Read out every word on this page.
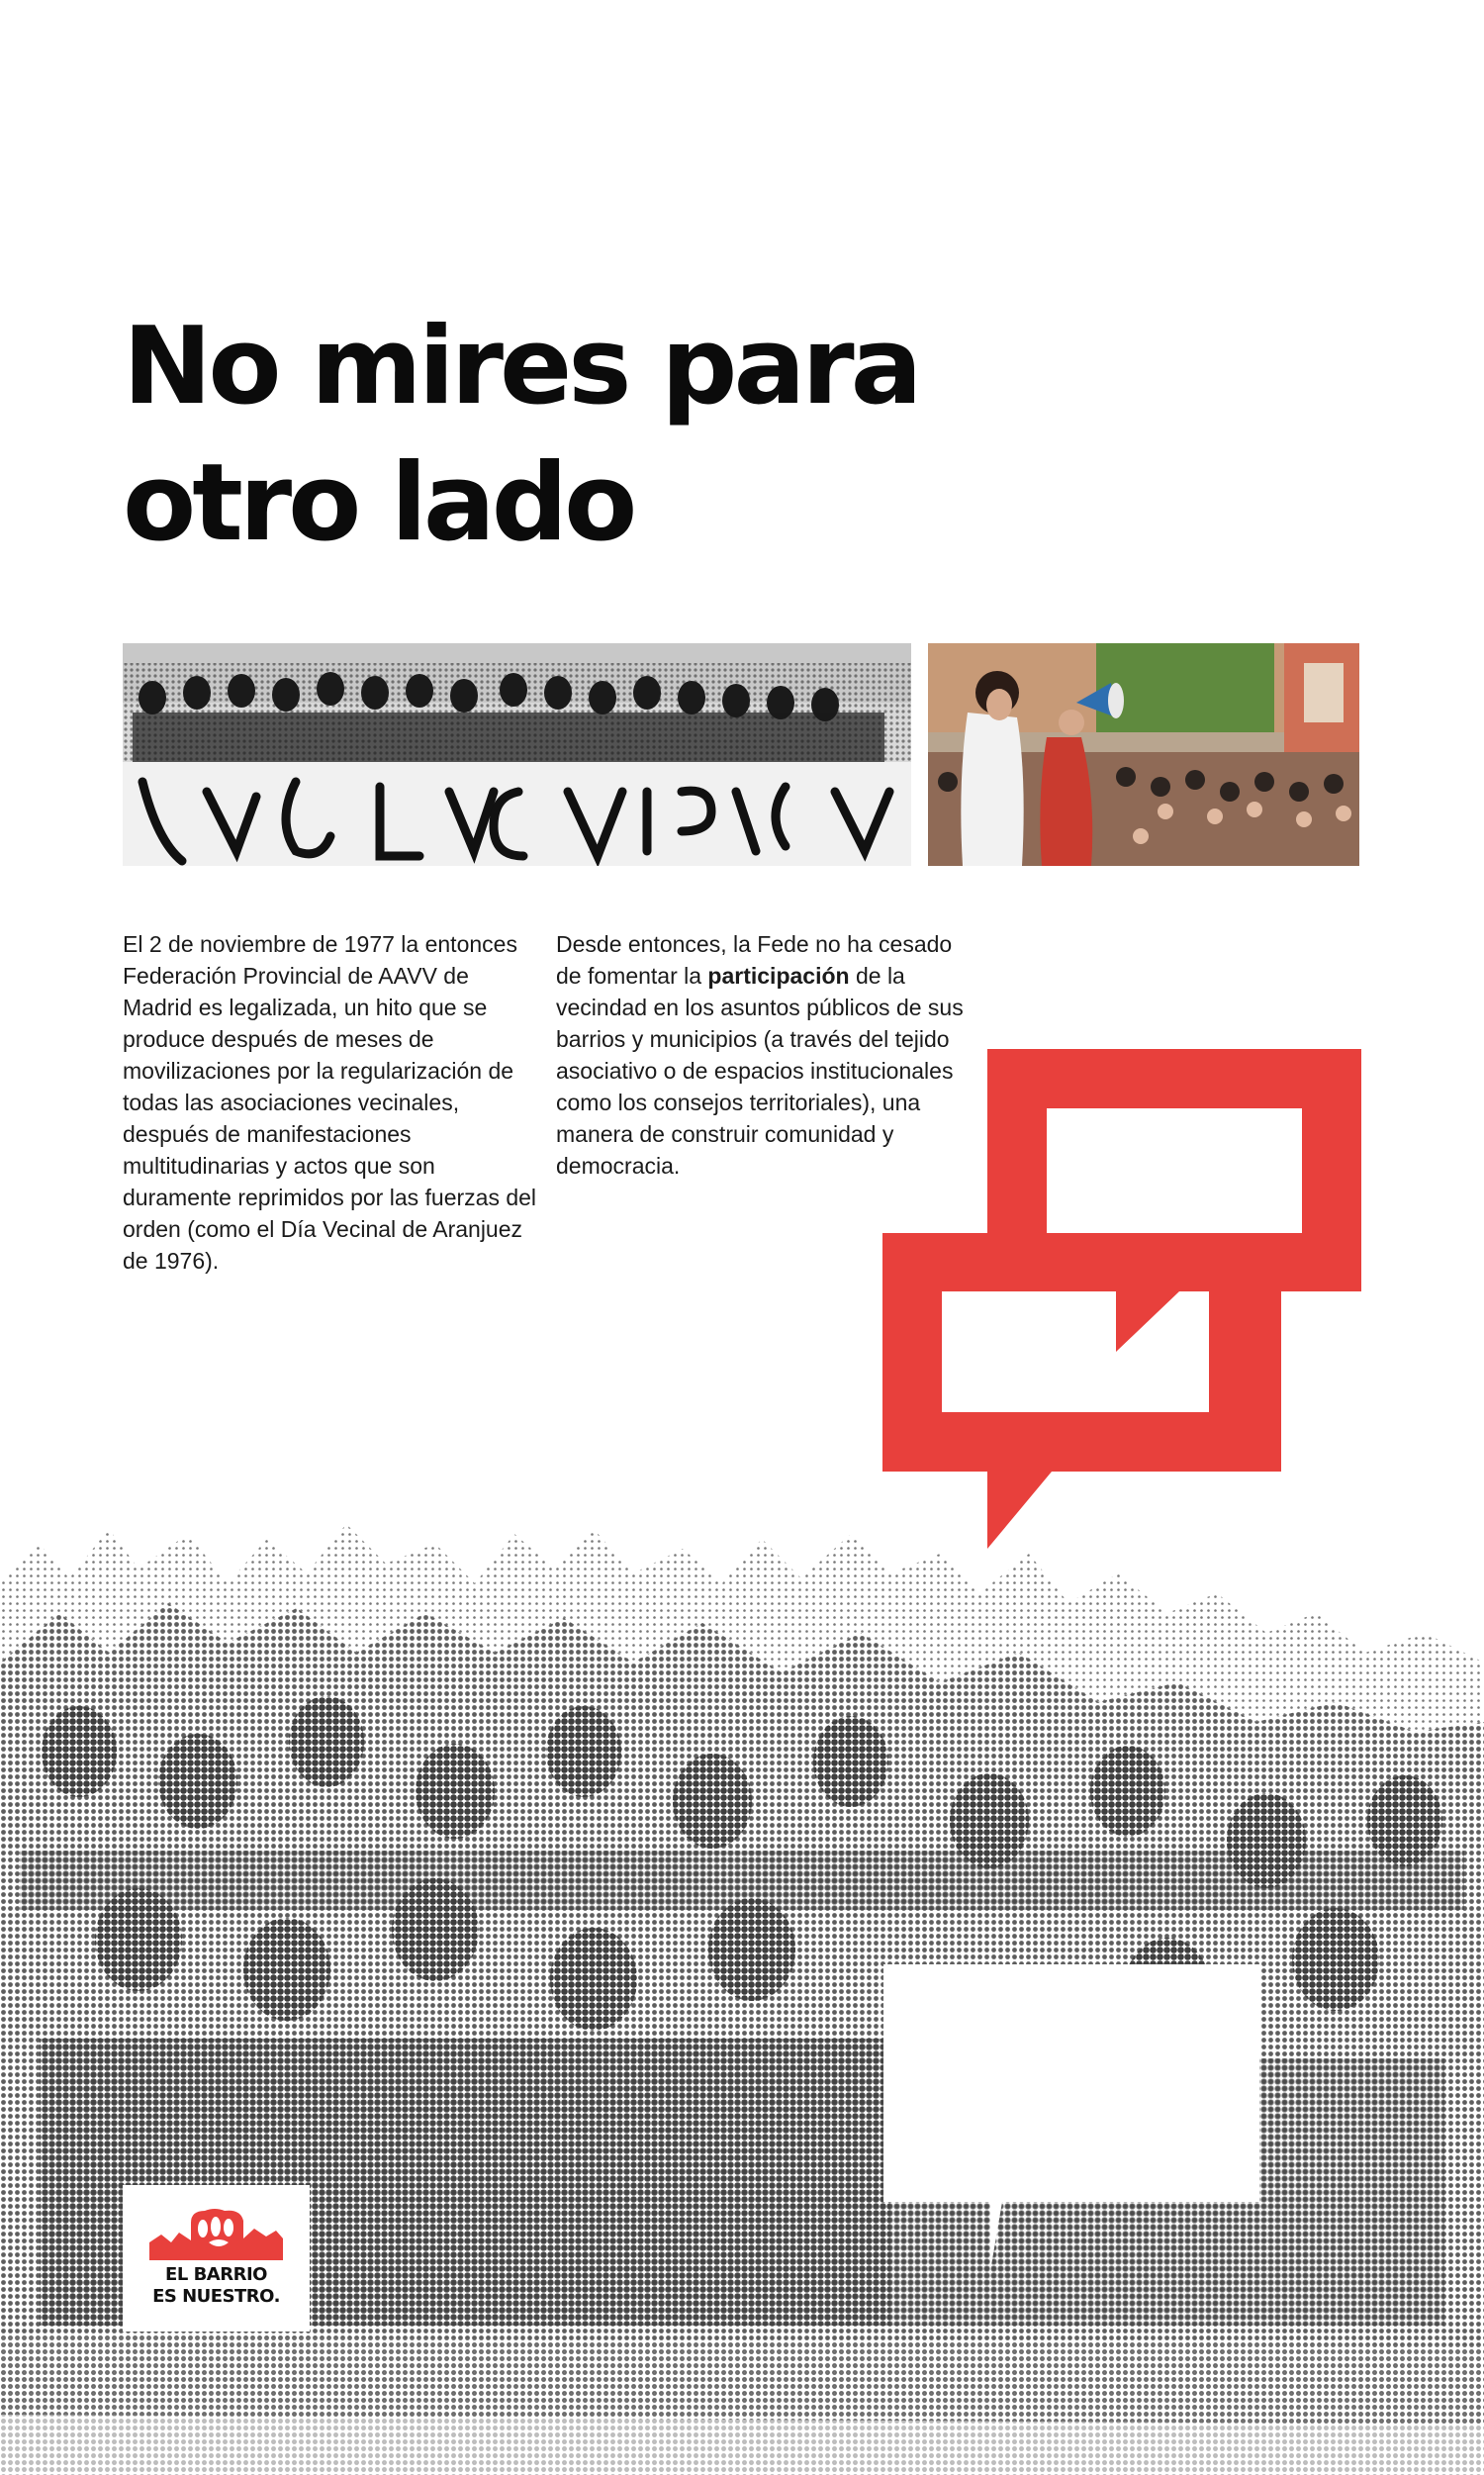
No mires para
otro lado

El 2 de noviembre de 1977 la entonces Federación Provincial de AAVV de Madrid es legalizada, un hito que se produce después de meses de movilizaciones por la regularización de todas las asociaciones vecinales, después de manifestaciones multitudinarias y actos que son duramente reprimidos por las fuerzas del orden (como el Día Vecinal de Aranjuez de 1976).

Desde entonces, la Fede no ha cesado de fomentar la participación de la vecindad en los asuntos públicos de sus barrios y municipios (a través del tejido asociativo o de espacios institucionales como los consejos territoriales), una manera de construir comunidad y democracia.

EL BARRIO
ES NUESTRO.
